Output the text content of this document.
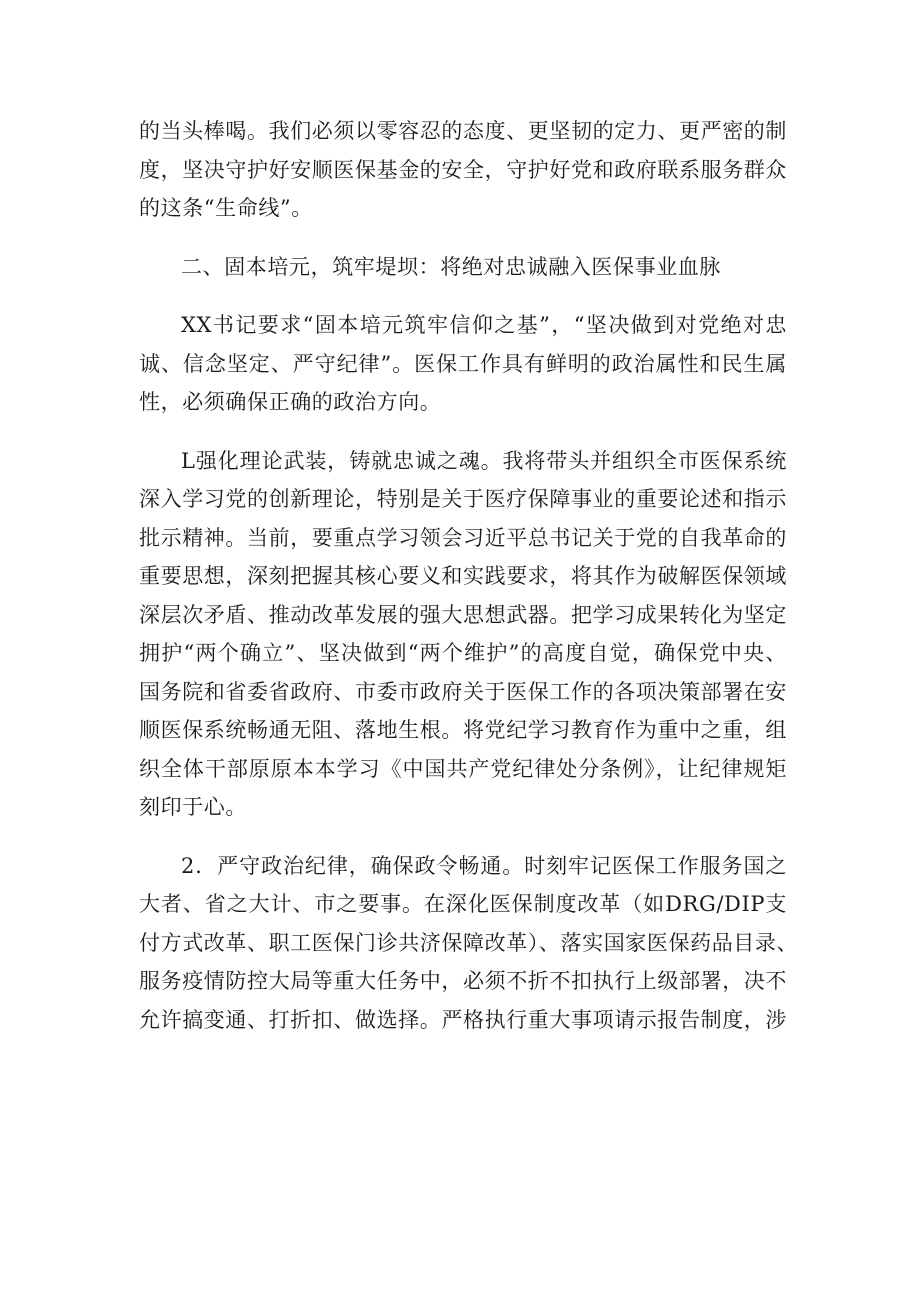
的当头棒喝。我们必须以零容忍的态度、更坚韧的定力、更严密的制
度，坚决守护好安顺医保基金的安全，守护好党和政府联系服务群众
的这条“生命线”。
二、固本培元，筑牢堤坝：将绝对忠诚融入医保事业血脉
XX书记要求“固本培元筑牢信仰之基”，“坚决做到对党绝对忠
诚、信念坚定、严守纪律”。医保工作具有鲜明的政治属性和民生属
性，必须确保正确的政治方向。
L强化理论武装，铸就忠诚之魂。我将带头并组织全市医保系统
深入学习党的创新理论，特别是关于医疗保障事业的重要论述和指示
批示精神。当前，要重点学习领会习近平总书记关于党的自我革命的
重要思想，深刻把握其核心要义和实践要求，将其作为破解医保领域
深层次矛盾、推动改革发展的强大思想武器。把学习成果转化为坚定
拥护“两个确立”、坚决做到“两个维护”的高度自觉，确保党中央、
国务院和省委省政府、市委市政府关于医保工作的各项决策部署在安
顺医保系统畅通无阻、落地生根。将党纪学习教育作为重中之重，组
织全体干部原原本本学习《中国共产党纪律处分条例》，让纪律规矩
刻印于心。
2．严守政治纪律，确保政令畅通。时刻牢记医保工作服务国之
大者、省之大计、市之要事。在深化医保制度改革（如DRG/DIP支
付方式改革、职工医保门诊共济保障改革）、落实国家医保药品目录、
服务疫情防控大局等重大任务中，必须不折不扣执行上级部署，决不
允许搞变通、打折扣、做选择。严格执行重大事项请示报告制度，涉
